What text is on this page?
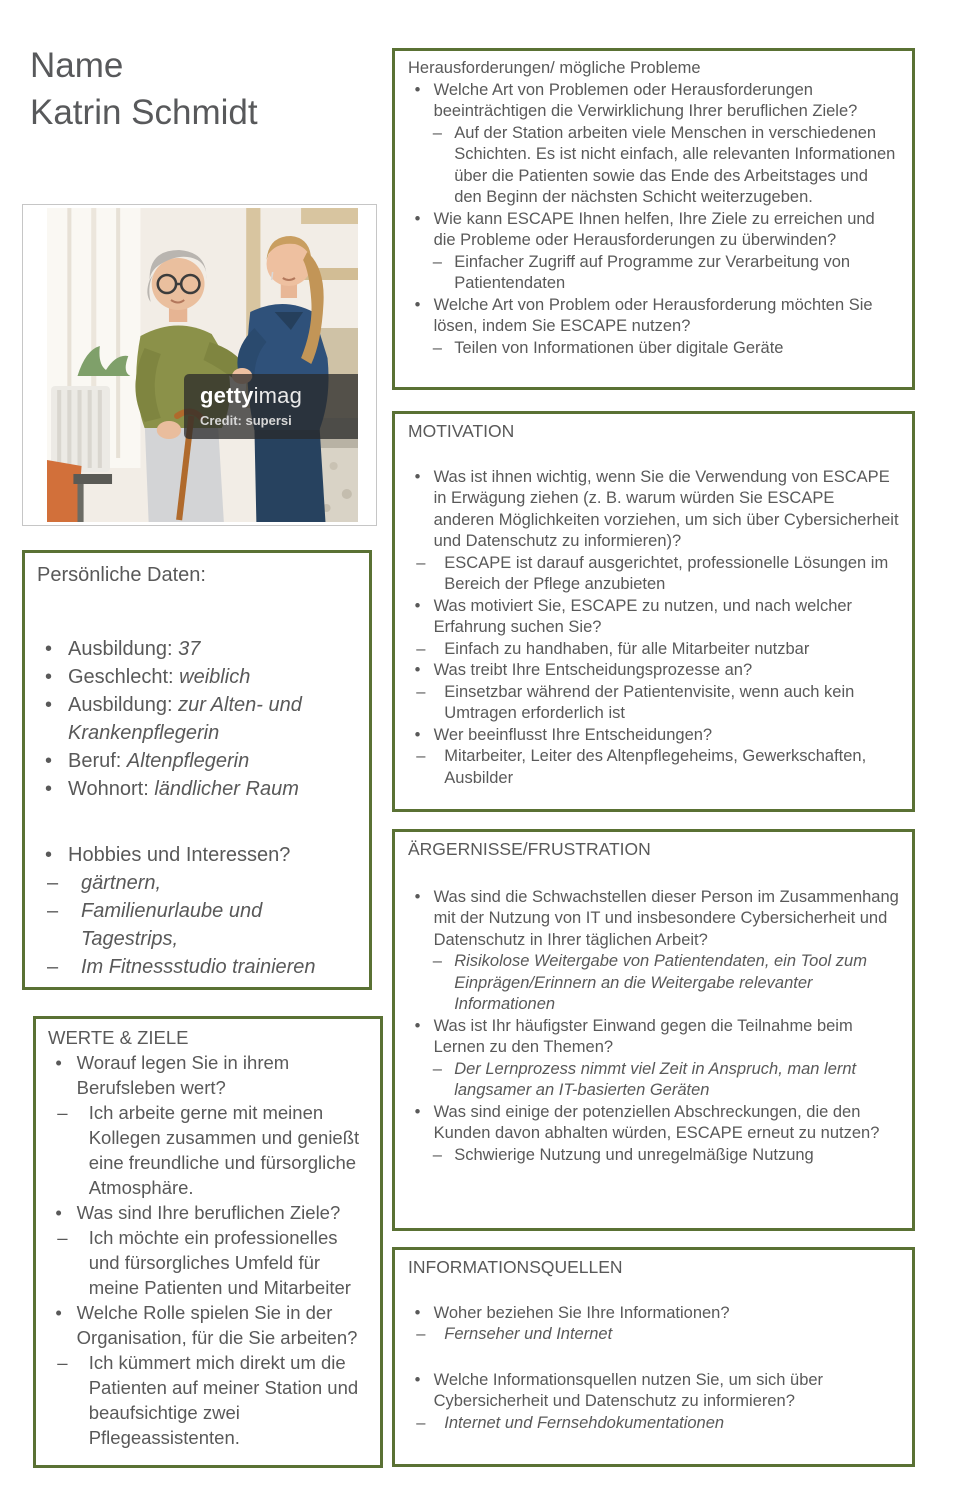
Name
Katrin Schmidt
gettyimag
Credit: supersi
Persönliche Daten:
• Ausbildung: 37
• Geschlecht: weiblich
• Ausbildung: zur Alten- und Krankenpflegerin
• Beruf: Altenpflegerin
• Wohnort: ländlicher Raum
• Hobbies und Interessen?
– gärtnern,
– Familienurlaube und Tagestrips,
– Im Fitnessstudio trainieren
WERTE & ZIELE
• Worauf legen Sie in ihrem Berufsleben wert?
– Ich arbeite gerne mit meinen Kollegen zusammen und genießt eine freundliche und fürsorgliche Atmosphäre.
• Was sind Ihre beruflichen Ziele?
– Ich möchte ein professionelles und fürsorgliches Umfeld für meine Patienten und Mitarbeiter
• Welche Rolle spielen Sie in der Organisation, für die Sie arbeiten?
– Ich kümmert mich direkt um die Patienten auf meiner Station und beaufsichtige zwei Pflegeassistenten.
Herausforderungen/ mögliche Probleme
• Welche Art von Problemen oder Herausforderungen beeinträchtigen die Verwirklichung Ihrer beruflichen Ziele?
– Auf der Station arbeiten viele Menschen in verschiedenen Schichten. Es ist nicht einfach, alle relevanten Informationen über die Patienten sowie das Ende des Arbeitstages und den Beginn der nächsten Schicht weiterzugeben.
• Wie kann ESCAPE Ihnen helfen, Ihre Ziele zu erreichen und die Probleme oder Herausforderungen zu überwinden?
– Einfacher Zugriff auf Programme zur Verarbeitung von Patientendaten
• Welche Art von Problem oder Herausforderung möchten Sie lösen, indem Sie ESCAPE nutzen?
– Teilen von Informationen über digitale Geräte
MOTIVATION
• Was ist ihnen wichtig, wenn Sie die Verwendung von ESCAPE in Erwägung ziehen (z. B. warum würden Sie ESCAPE anderen Möglichkeiten vorziehen, um sich über Cybersicherheit und Datenschutz zu informieren)?
– ESCAPE ist darauf ausgerichtet, professionelle Lösungen im Bereich der Pflege anzubieten
• Was motiviert Sie, ESCAPE zu nutzen, und nach welcher Erfahrung suchen Sie?
– Einfach zu handhaben, für alle Mitarbeiter nutzbar
• Was treibt Ihre Entscheidungsprozesse an?
– Einsetzbar während der Patientenvisite, wenn auch kein Umtragen erforderlich ist
• Wer beeinflusst Ihre Entscheidungen?
– Mitarbeiter, Leiter des Altenpflegeheims, Gewerkschaften, Ausbilder
ÄRGERNISSE/FRUSTRATION
• Was sind die Schwachstellen dieser Person im Zusammenhang mit der Nutzung von IT und insbesondere Cybersicherheit und Datenschutz in Ihrer täglichen Arbeit?
– Risikolose Weitergabe von Patientendaten, ein Tool zum Einprägen/Erinnern an die Weitergabe relevanter Informationen
• Was ist Ihr häufigster Einwand gegen die Teilnahme beim Lernen zu den Themen?
– Der Lernprozess nimmt viel Zeit in Anspruch, man lernt langsamer an IT-basierten Geräten
• Was sind einige der potenziellen Abschreckungen, die den Kunden davon abhalten würden, ESCAPE erneut zu nutzen?
– Schwierige Nutzung und unregelmäßige Nutzung
INFORMATIONSQUELLEN
• Woher beziehen Sie Ihre Informationen?
– Fernseher und Internet
• Welche Informationsquellen nutzen Sie, um sich über Cybersicherheit und Datenschutz zu informieren?
– Internet und Fernsehdokumentationen
